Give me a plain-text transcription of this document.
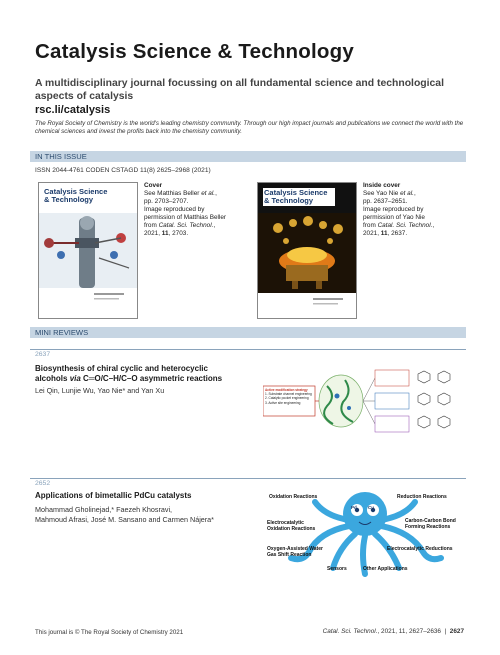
Catalysis Science & Technology
A multidisciplinary journal focussing on all fundamental science and technological aspects of catalysis
rsc.li/catalysis
The Royal Society of Chemistry is the world's leading chemistry community. Through our high impact journals and publications we connect the world with the chemical sciences and invest the profits back into the chemistry community.
IN THIS ISSUE
ISSN 2044-4761 CODEN CSTAGD 11(8) 2625–2968 (2021)
Catalysis Science & Technology
Cover
See Matthias Beller et al.,
pp. 2703–2707.
Image reproduced by
permission of Matthias Beller
from Catal. Sci. Technol.,
2021, 11, 2703.
Catalysis Science & Technology
Inside cover
See Yao Nie et al.,
pp. 2637–2651.
Image reproduced by
permission of Yao Nie
from Catal. Sci. Technol.,
2021, 11, 2637.
MINI REVIEWS
2637
Biosynthesis of chiral cyclic and heterocyclic
alcohols via C═O/C–H/C–O asymmetric reactions
Lei Qin, Lunjie Wu, Yao Nie* and Yan Xu	Active modification strategy
1. Substrate channel engineering
2. Catalytic pocket engineering
3. Active site engineering
2652
Applications of bimetallic PdCu catalysts
Mohammad Gholinejad,* Faezeh Khosravi,
Mahmoud Afrasi, José M. Sansano and Carmen Nájera*
Pd Cu
Oxidation Reactions	Reduction Reactions
Electrocatalytic Oxidation Reactions
Carbon-Carbon Bond Forming Reactions
Oxygen-Assisted Water Gas Shift Reaction
Electrocatalytic Reductions
Sensors	Other Applications
This journal is © The Royal Society of Chemistry 2021	Catal. Sci. Technol., 2021, 11, 2627–2636 | 2627
